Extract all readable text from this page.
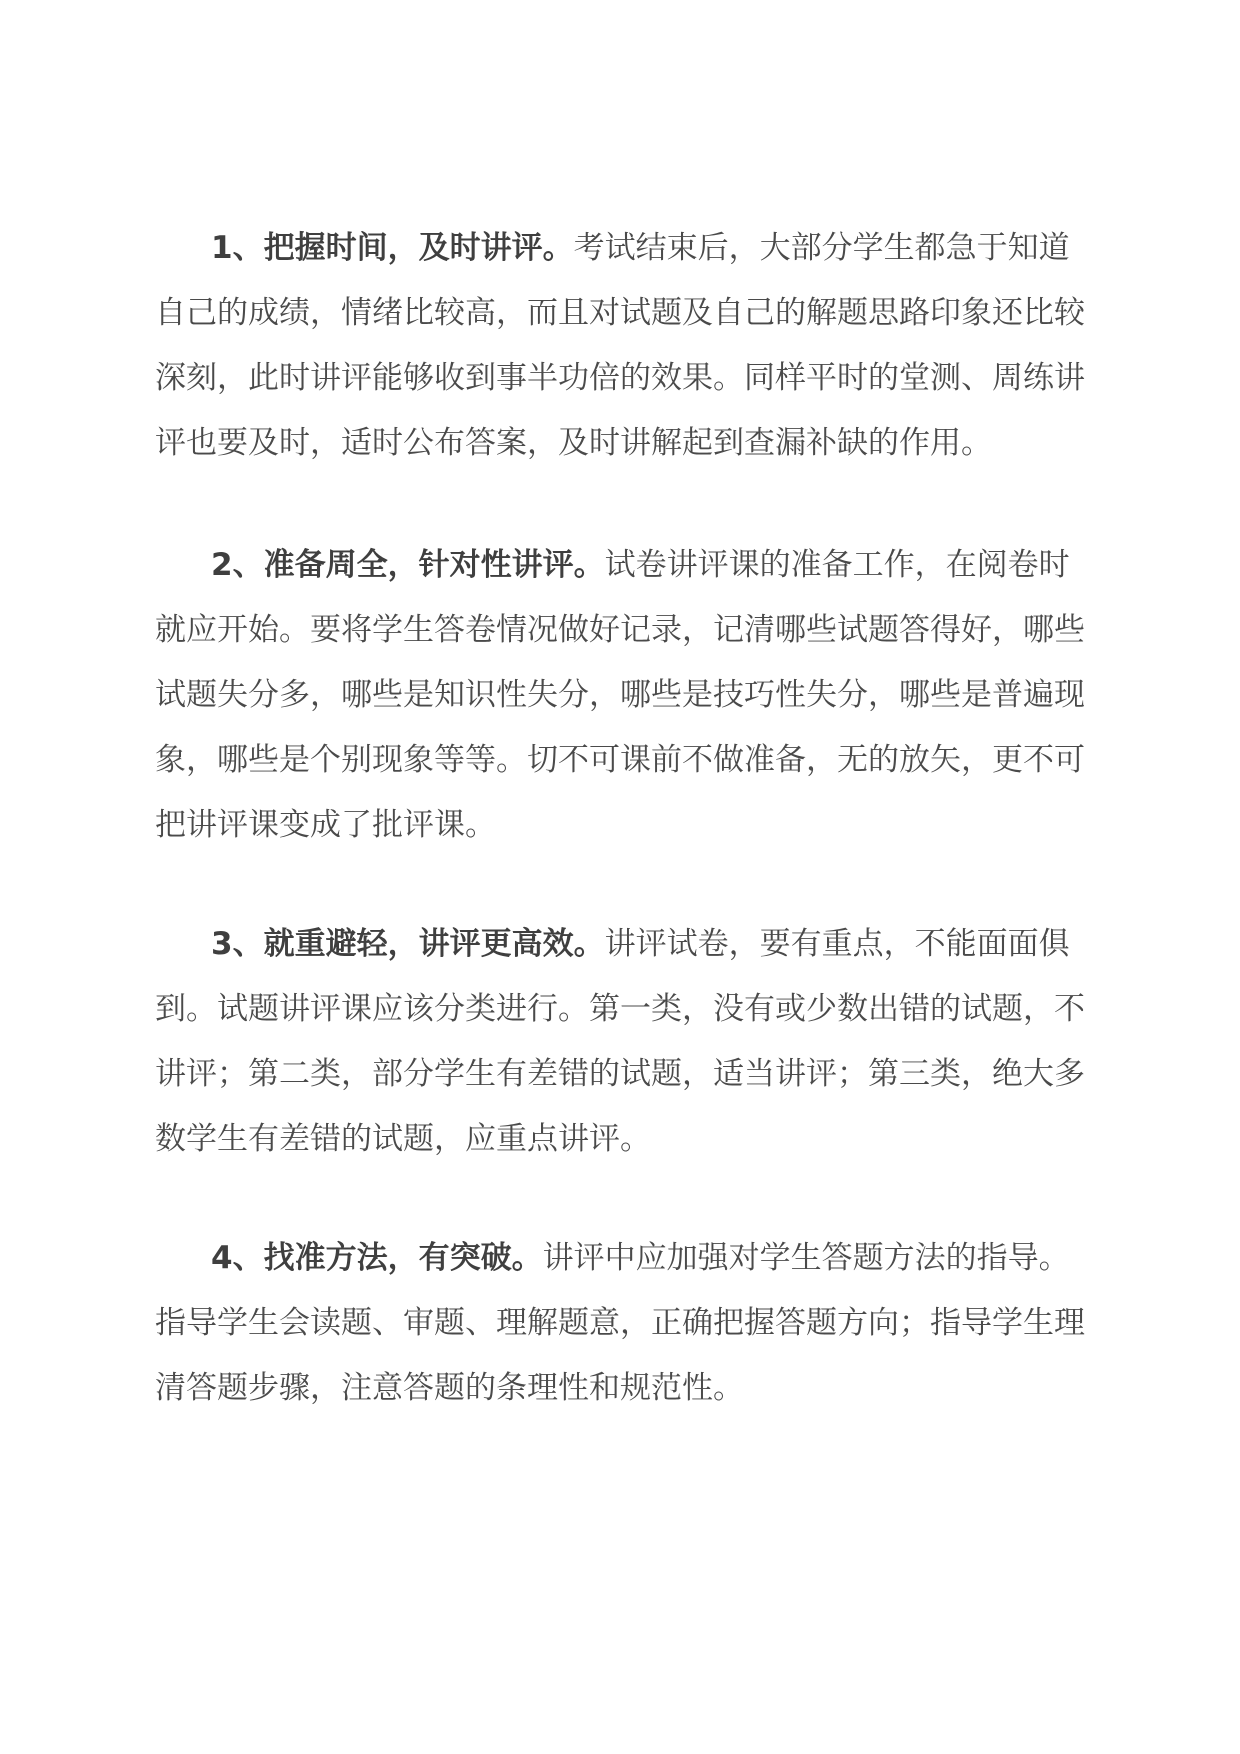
1、把握时间，及时讲评。考试结束后，大部分学生都急于知道自己的成绩，情绪比较高，而且对试题及自己的解题思路印象还比较深刻，此时讲评能够收到事半功倍的效果。同样平时的堂测、周练讲评也要及时，适时公布答案，及时讲解起到查漏补缺的作用。

2、准备周全，针对性讲评。试卷讲评课的准备工作，在阅卷时就应开始。要将学生答卷情况做好记录，记清哪些试题答得好，哪些试题失分多，哪些是知识性失分，哪些是技巧性失分，哪些是普遍现象，哪些是个别现象等等。切不可课前不做准备，无的放矢，更不可把讲评课变成了批评课。

3、就重避轻，讲评更高效。讲评试卷，要有重点，不能面面俱到。试题讲评课应该分类进行。第一类，没有或少数出错的试题，不讲评；第二类，部分学生有差错的试题，适当讲评；第三类，绝大多数学生有差错的试题，应重点讲评。

4、找准方法，有突破。讲评中应加强对学生答题方法的指导。指导学生会读题、审题、理解题意，正确把握答题方向；指导学生理清答题步骤，注意答题的条理性和规范性。
